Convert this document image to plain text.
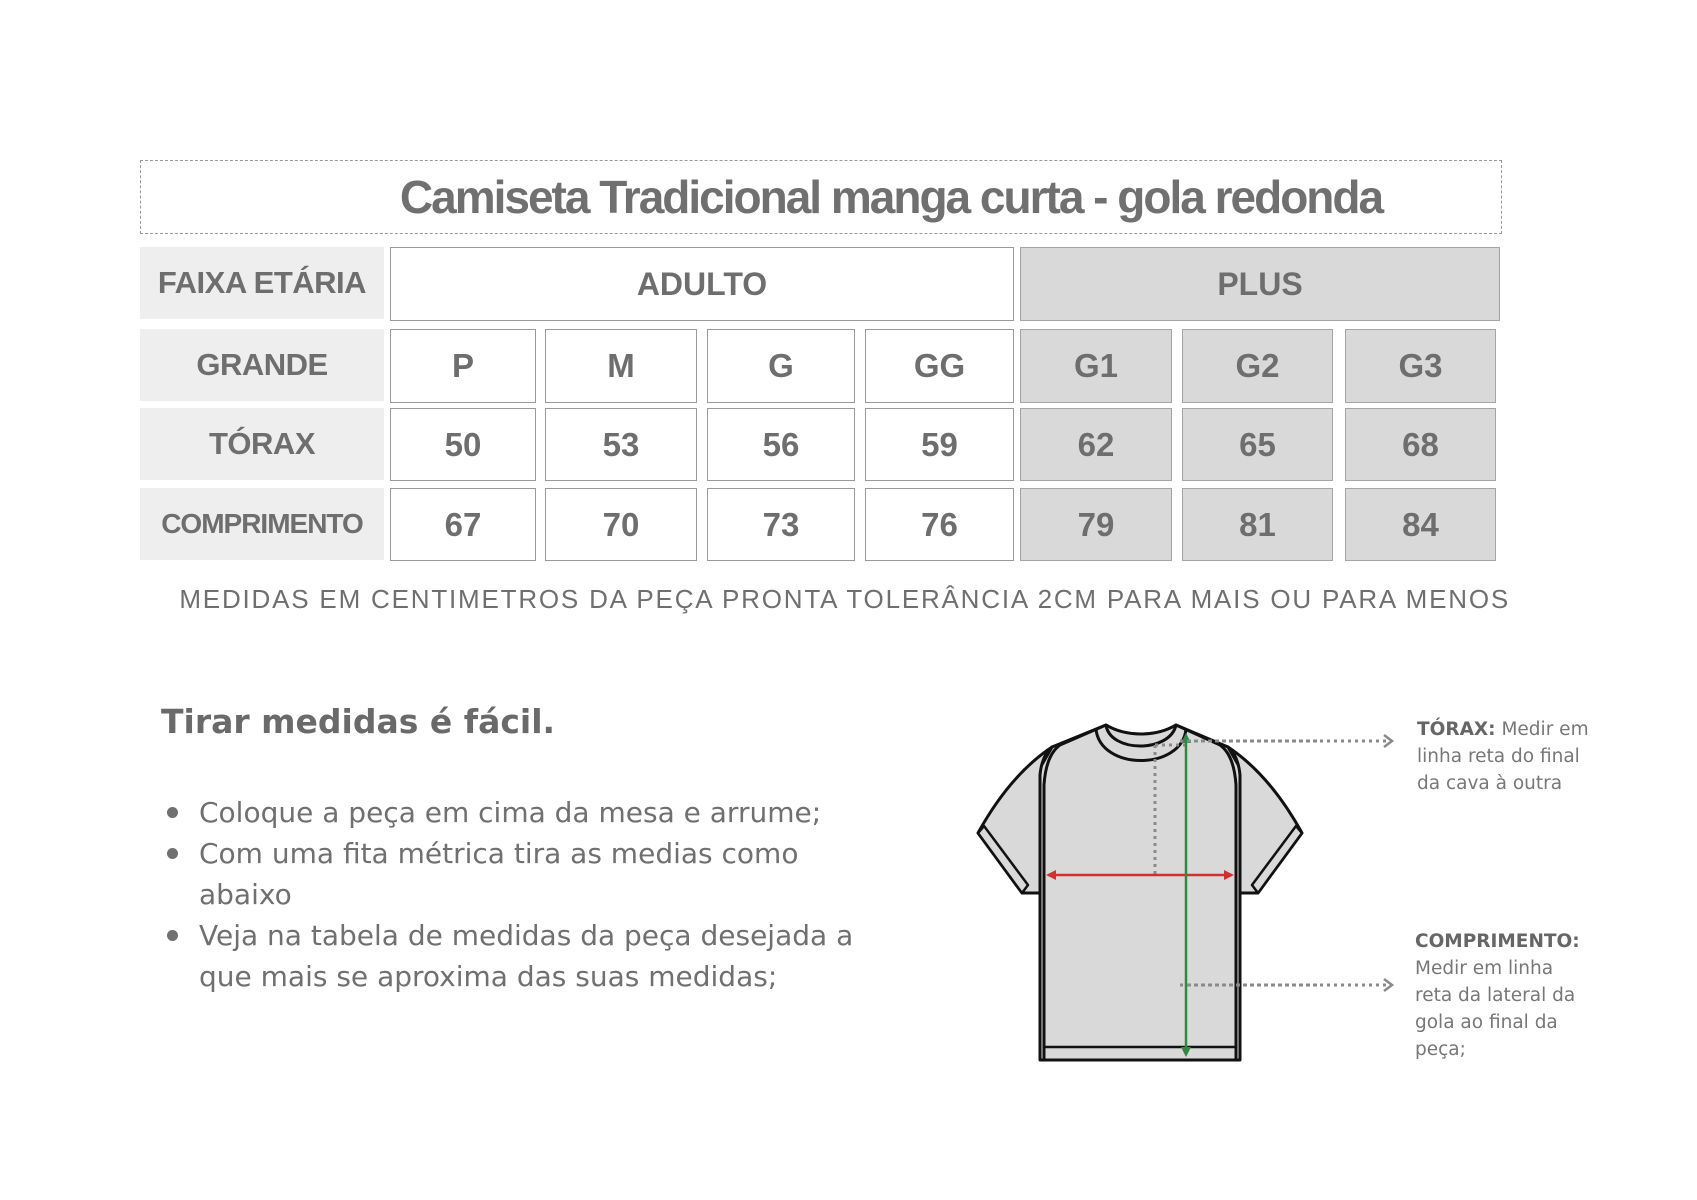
Camiseta Tradicional manga curta - gola redonda
FAIXA ETÁRIA	ADULTO	PLUS
GRANDE	P	M	G	GG	G1	G2	G3
TÓRAX	50	53	56	59	62	65	68
COMPRIMENTO	67	70	73	76	79	81	84
MEDIDAS EM CENTIMETROS DA PEÇA PRONTA TOLERÂNCIA 2CM PARA MAIS OU PARA MENOS
Tirar medidas é fácil.
Coloque a peça em cima da mesa e arrume;
Com uma fita métrica tira as medias como abaixo
Veja na tabela de medidas da peça desejada a que mais se aproxima das suas medidas;
TÓRAX: Medir em
linha reta do final
da cava à outra
COMPRIMENTO:
Medir em linha
reta da lateral da
gola ao final da
peça;
